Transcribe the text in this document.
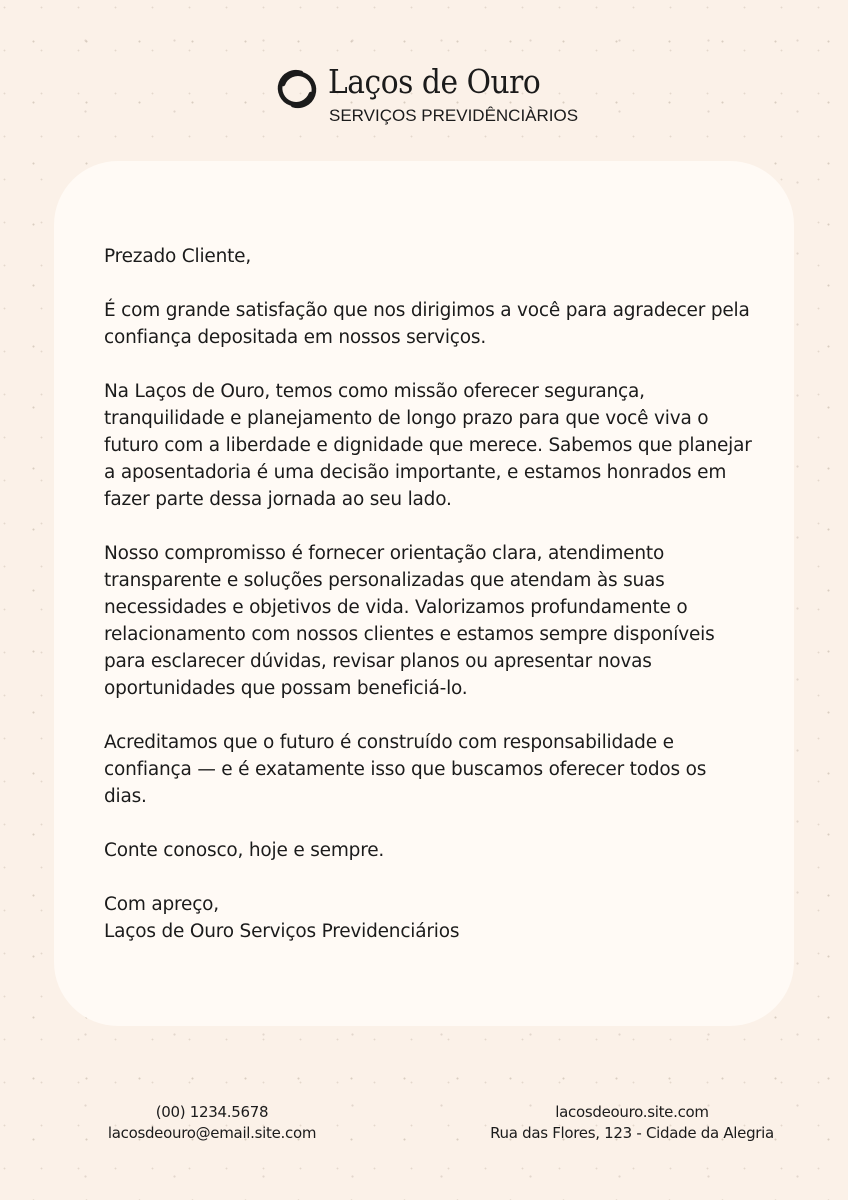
Laços de Ouro
SERVIÇOS PREVIDÊNCIÀRIOS

Prezado Cliente,

É com grande satisfação que nos dirigimos a você para agradecer pela confiança depositada em nossos serviços.

Na Laços de Ouro, temos como missão oferecer segurança, tranquilidade e planejamento de longo prazo para que você viva o futuro com a liberdade e dignidade que merece. Sabemos que planejar a aposentadoria é uma decisão importante, e estamos honrados em fazer parte dessa jornada ao seu lado.

Nosso compromisso é fornecer orientação clara, atendimento transparente e soluções personalizadas que atendam às suas necessidades e objetivos de vida. Valorizamos profundamente o relacionamento com nossos clientes e estamos sempre disponíveis para esclarecer dúvidas, revisar planos ou apresentar novas oportunidades que possam beneficiá-lo.

Acreditamos que o futuro é construído com responsabilidade e confiança — e é exatamente isso que buscamos oferecer todos os dias.

Conte conosco, hoje e sempre.

Com apreço,
Laços de Ouro Serviços Previdenciários

(00) 1234.5678
lacosdeouro@email.site.com
lacosdeouro.site.com
Rua das Flores, 123 - Cidade da Alegria
